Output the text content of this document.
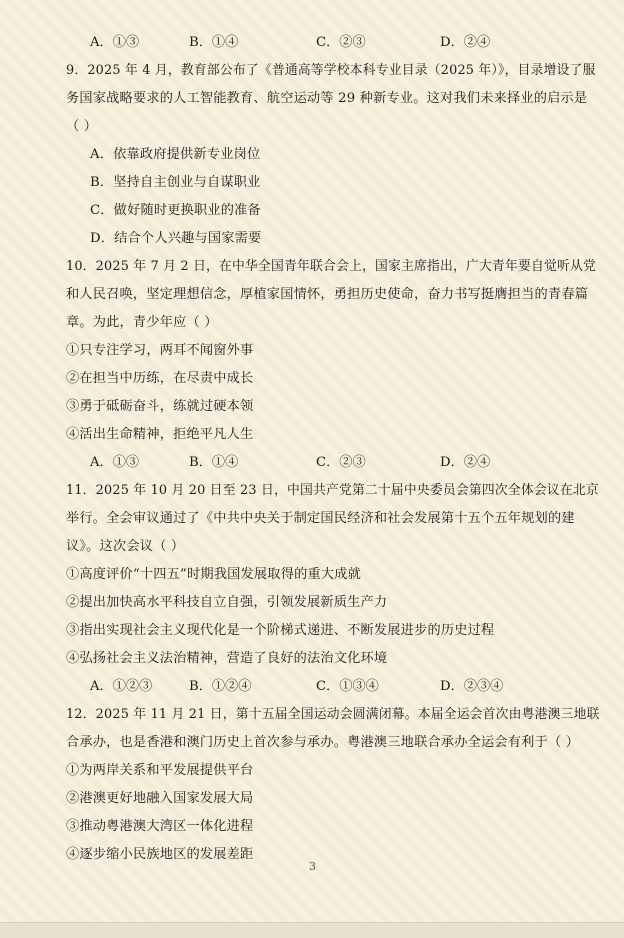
A．①③	B．①④	C．②③	D．②④
9．2025 年 4 月，教育部公布了《普通高等学校本科专业目录（2025 年）》，目录增设了服
务国家战略要求的人工智能教育、航空运动等 29 种新专业。这对我们未来择业的启示是
（ ）
A．依靠政府提供新专业岗位
B．坚持自主创业与自谋职业
C．做好随时更换职业的准备
D．结合个人兴趣与国家需要
10．2025 年 7 月 2 日，在中华全国青年联合会上，国家主席指出，广大青年要自觉听从党
和人民召唤，坚定理想信念，厚植家国情怀，勇担历史使命，奋力书写挺膺担当的青春篇
章。为此，青少年应（ ）
①只专注学习，两耳不闻窗外事
②在担当中历练，在尽责中成长
③勇于砥砺奋斗，练就过硬本领
④活出生命精神，拒绝平凡人生
A．①③	B．①④	C．②③	D．②④
11．2025 年 10 月 20 日至 23 日，中国共产党第二十届中央委员会第四次全体会议在北京
举行。全会审议通过了《中共中央关于制定国民经济和社会发展第十五个五年规划的建
议》。这次会议（ ）
①高度评价“十四五”时期我国发展取得的重大成就
②提出加快高水平科技自立自强，引领发展新质生产力
③指出实现社会主义现代化是一个阶梯式递进、不断发展进步的历史过程
④弘扬社会主义法治精神，营造了良好的法治文化环境
A．①②③	B．①②④	C．①③④	D．②③④
12．2025 年 11 月 21 日，第十五届全国运动会圆满闭幕。本届全运会首次由粤港澳三地联
合承办，也是香港和澳门历史上首次参与承办。粤港澳三地联合承办全运会有利于（ ）
①为两岸关系和平发展提供平台
②港澳更好地融入国家发展大局
③推动粤港澳大湾区一体化进程
④逐步缩小民族地区的发展差距
3
